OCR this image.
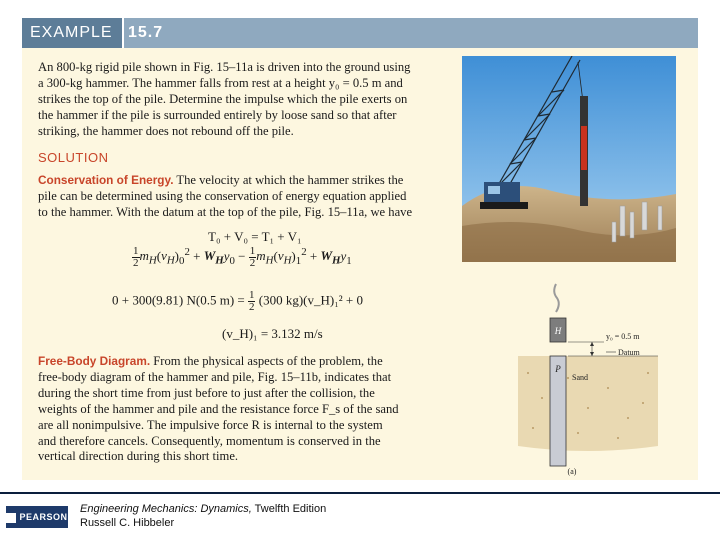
EXAMPLE 15.7
An 800-kg rigid pile shown in Fig. 15–11a is driven into the ground using
a 300-kg hammer. The hammer falls from rest at a height y₀ = 0.5 m and
strikes the top of the pile. Determine the impulse which the pile exerts on
the hammer if the pile is surrounded entirely by loose sand so that after
striking, the hammer does not rebound off the pile.
SOLUTION
Conservation of Energy. The velocity at which the hammer strikes the
pile can be determined using the conservation of energy equation applied
to the hammer. With the datum at the top of the pile, Fig. 15–11a, we have
T₀ + V₀ = T₁ + V₁
$\frac{1}{2} m_H(v_H)_0^2 + W_Hy_0 - \frac{1}{2} m_H(v_H)_1^2 + W_Hy_1$
0 + 300(9.81) N(0.5 $m) = \frac{1}{2} (300$ kg)(v_H)₁² + 0
(v_H)₁ = 3.132 m/s
Free-Body Diagram. From the physical aspects of the problem, the
free-body diagram of the hammer and pile, Fig. 15–11b, indicates that
during the short time from just before to just after the collision, the
weights of the hammer and pile and the resistance force F_s of the sand
are all nonimpulsive. The impulsive force R is internal to the system
and therefore cancels. Consequently, momentum is conserved in the
vertical direction during this short time.
H
P
y₀ = 0.5 m
Datum
Sand
(a)
PEARSON
Engineering Mechanics: Dynamics, Twelfth Edition
Russell C. Hibbeler
